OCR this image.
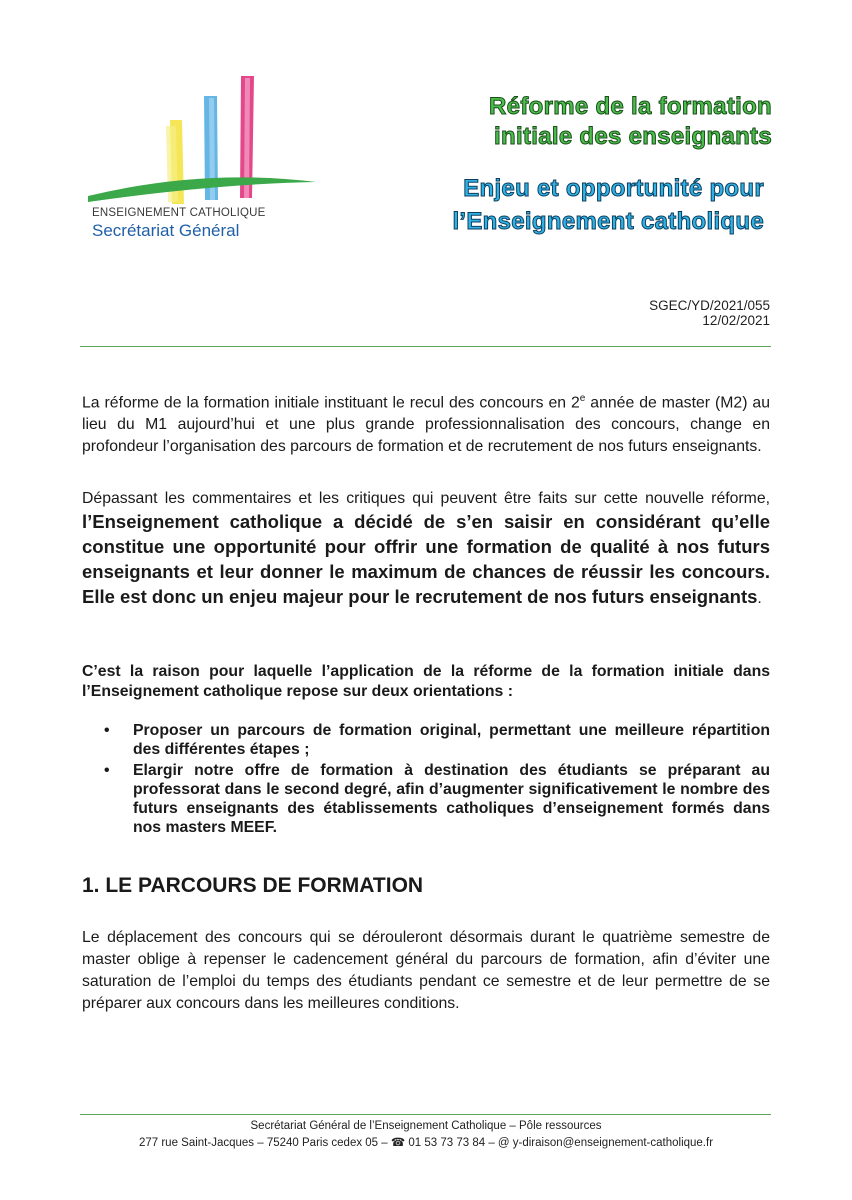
ENSEIGNEMENT CATHOLIQUE
Secrétariat Général
Réforme de la formation
initiale des enseignants
Enjeu et opportunité pour
l’Enseignement catholique
SGEC/YD/2021/055
12/02/2021

La réforme de la formation initiale instituant le recul des concours en 2e année de master (M2) au lieu du M1 aujourd’hui et une plus grande professionnalisation des concours, change en profondeur l’organisation des parcours de formation et de recrutement de nos futurs enseignants.

Dépassant les commentaires et les critiques qui peuvent être faits sur cette nouvelle réforme, l’Enseignement catholique a décidé de s’en saisir en considérant qu’elle constitue une opportunité pour offrir une formation de qualité à nos futurs enseignants et leur donner le maximum de chances de réussir les concours. Elle est donc un enjeu majeur pour le recrutement de nos futurs enseignants.

C’est la raison pour laquelle l’application de la réforme de la formation initiale dans l’Enseignement catholique repose sur deux orientations :

• Proposer un parcours de formation original, permettant une meilleure répartition des différentes étapes ;
• Elargir notre offre de formation à destination des étudiants se préparant au professorat dans le second degré, afin d’augmenter significativement le nombre des futurs enseignants des établissements catholiques d’enseignement formés dans nos masters MEEF.
1. LE PARCOURS DE FORMATION

Le déplacement des concours qui se dérouleront désormais durant le quatrième semestre de master oblige à repenser le cadencement général du parcours de formation, afin d’éviter une saturation de l’emploi du temps des étudiants pendant ce semestre et de leur permettre de se préparer aux concours dans les meilleures conditions.

Secrétariat Général de l’Enseignement Catholique – Pôle ressources
277 rue Saint-Jacques – 75240 Paris cedex 05 – ☎ 01 53 73 73 84 – @ y-diraison@enseignement-catholique.fr
